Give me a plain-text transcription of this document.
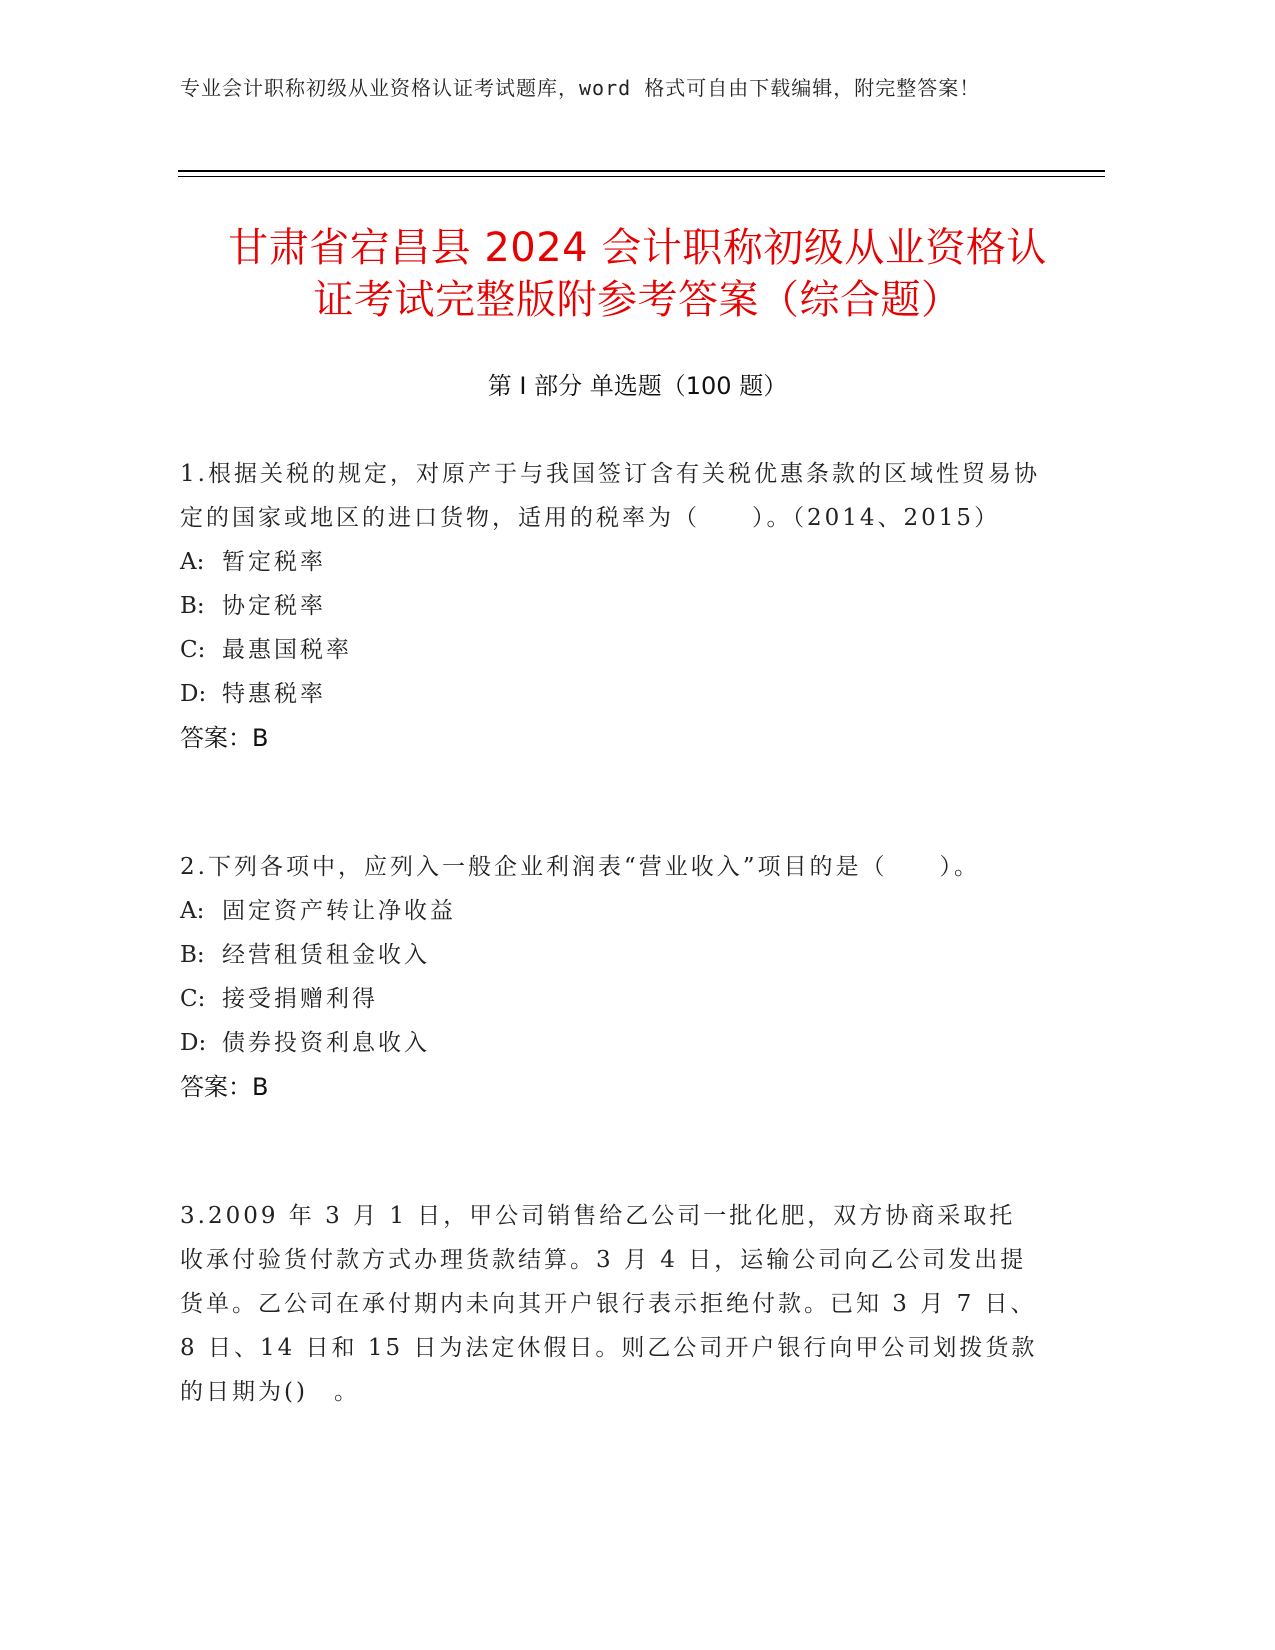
专业会计职称初级从业资格认证考试题库，word 格式可自由下载编辑，附完整答案！
甘肃省宕昌县 2024 会计职称初级从业资格认
证考试完整版附参考答案（综合题）
第 I 部分 单选题（100 题）

1.根据关税的规定，对原产于与我国签订含有关税优惠条款的区域性贸易协定的国家或地区的进口货物，适用的税率为（　　）。（2014、2015）

A: 暂定税率

B: 协定税率

C: 最惠国税率

D: 特惠税率

答案：B

2.下列各项中，应列入一般企业利润表“营业收入”项目的是（　　）。

A: 固定资产转让净收益

B: 经营租赁租金收入

C: 接受捐赠利得

D: 债券投资利息收入

答案：B

3.2009 年 3 月 1 日，甲公司销售给乙公司一批化肥，双方协商采取托收承付验货付款方式办理货款结算。3 月 4 日，运输公司向乙公司发出提货单。乙公司在承付期内未向其开户银行表示拒绝付款。已知 3 月 7 日、8 日、14 日和 15 日为法定休假日。则乙公司开户银行向甲公司划拨货款的日期为()　。
